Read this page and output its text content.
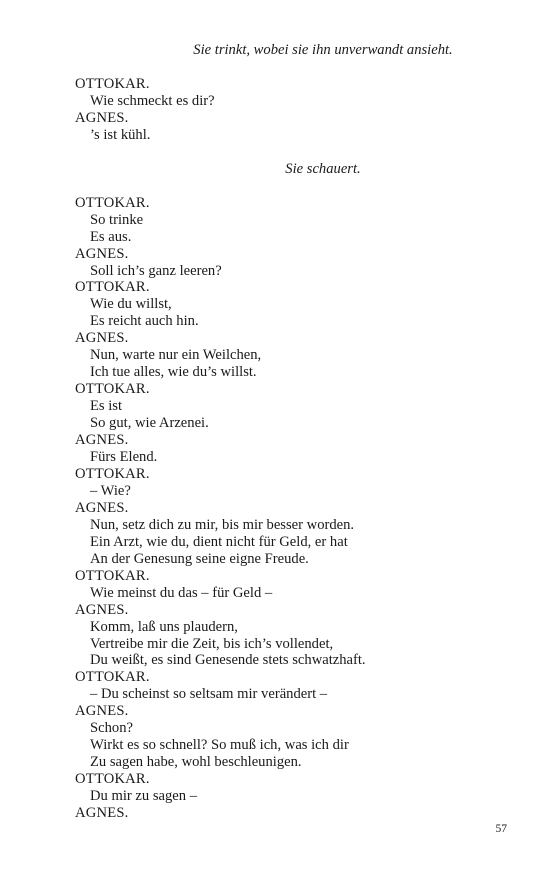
Sie trinkt, wobei sie ihn unverwandt ansieht.
OTTOKAR.
Wie schmeckt es dir?
AGNES.
’s ist kühl.
Sie schauert.
OTTOKAR.
So trinke
Es aus.
AGNES.
Soll ich’s ganz leeren?
OTTOKAR.
Wie du willst,
Es reicht auch hin.
AGNES.
Nun, warte nur ein Weilchen,
Ich tue alles, wie du’s willst.
OTTOKAR.
Es ist
So gut, wie Arzenei.
AGNES.
Fürs Elend.
OTTOKAR.
– Wie?
AGNES.
Nun, setz dich zu mir, bis mir besser worden.
Ein Arzt, wie du, dient nicht für Geld, er hat
An der Genesung seine eigne Freude.
OTTOKAR.
Wie meinst du das – für Geld –
AGNES.
Komm, laß uns plaudern,
Vertreibe mir die Zeit, bis ich’s vollendet,
Du weißt, es sind Genesende stets schwatzhaft.
OTTOKAR.
– Du scheinst so seltsam mir verändert –
AGNES.
Schon?
Wirkt es so schnell? So muß ich, was ich dir
Zu sagen habe, wohl beschleunigen.
OTTOKAR.
Du mir zu sagen –
AGNES.
57
